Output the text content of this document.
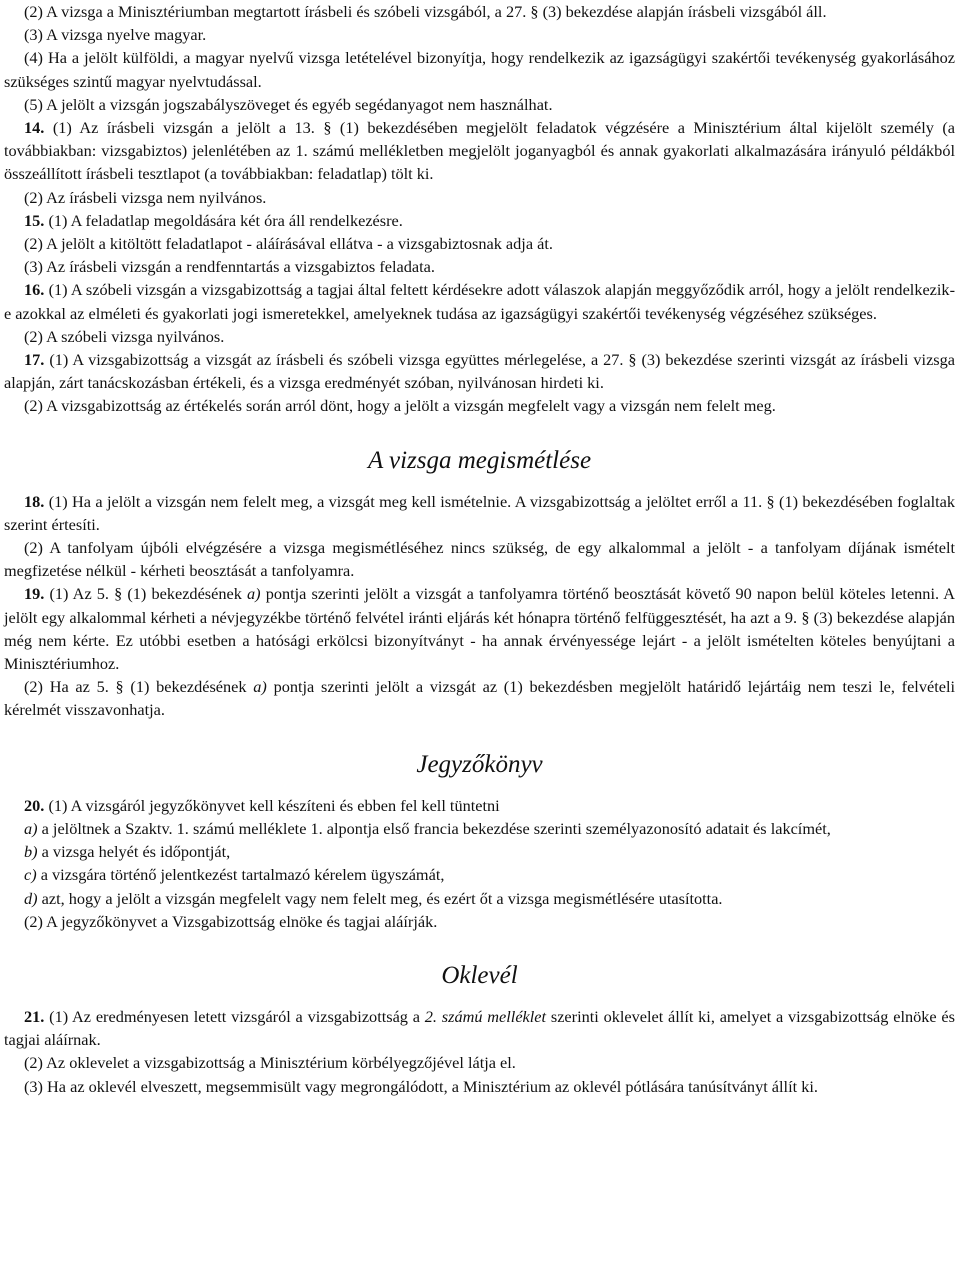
(2) A vizsga a Minisztériumban megtartott írásbeli és szóbeli vizsgából, a 27. § (3) bekezdése alapján írásbeli vizsgából áll.

(3) A vizsga nyelve magyar.

(4) Ha a jelölt külföldi, a magyar nyelvű vizsga letételével bizonyítja, hogy rendelkezik az igazságügyi szakértői tevékenység gyakorlásához szükséges szintű magyar nyelvtudással.

(5) A jelölt a vizsgán jogszabályszöveget és egyéb segédanyagot nem használhat.

14. (1) Az írásbeli vizsgán a jelölt a 13. § (1) bekezdésében megjelölt feladatok végzésére a Minisztérium által kijelölt személy (a továbbiakban: vizsgabiztos) jelenlétében az 1. számú mellékletben megjelölt joganyagból és annak gyakorlati alkalmazására irányuló példákból összeállított írásbeli tesztlapot (a továbbiakban: feladatlap) tölt ki.

(2) Az írásbeli vizsga nem nyilvános.

15. (1) A feladatlap megoldására két óra áll rendelkezésre.

(2) A jelölt a kitöltött feladatlapot - aláírásával ellátva - a vizsgabiztosnak adja át.

(3) Az írásbeli vizsgán a rendfenntartás a vizsgabiztos feladata.

16. (1) A szóbeli vizsgán a vizsgabizottság a tagjai által feltett kérdésekre adott válaszok alapján meggyőződik arról, hogy a jelölt rendelkezik-e azokkal az elméleti és gyakorlati jogi ismeretekkel, amelyeknek tudása az igazságügyi szakértői tevékenység végzéséhez szükséges.

(2) A szóbeli vizsga nyilvános.

17. (1) A vizsgabizottság a vizsgát az írásbeli és szóbeli vizsga együttes mérlegelése, a 27. § (3) bekezdése szerinti vizsgát az írásbeli vizsga alapján, zárt tanácskozásban értékeli, és a vizsga eredményét szóban, nyilvánosan hirdeti ki.

(2) A vizsgabizottság az értékelés során arról dönt, hogy a jelölt a vizsgán megfelelt vagy a vizsgán nem felelt meg.

A vizsga megismétlése

18. (1) Ha a jelölt a vizsgán nem felelt meg, a vizsgát meg kell ismételnie. A vizsgabizottság a jelöltet erről a 11. § (1) bekezdésében foglaltak szerint értesíti.

(2) A tanfolyam újbóli elvégzésére a vizsga megismétléséhez nincs szükség, de egy alkalommal a jelölt - a tanfolyam díjának ismételt megfizetése nélkül - kérheti beosztását a tanfolyamra.

19. (1) Az 5. § (1) bekezdésének a) pontja szerinti jelölt a vizsgát a tanfolyamra történő beosztását követő 90 napon belül köteles letenni. A jelölt egy alkalommal kérheti a névjegyzékbe történő felvétel iránti eljárás két hónapra történő felfüggesztését, ha azt a 9. § (3) bekezdése alapján még nem kérte. Ez utóbbi esetben a hatósági erkölcsi bizonyítványt - ha annak érvényessége lejárt - a jelölt ismételten köteles benyújtani a Minisztériumhoz.

(2) Ha az 5. § (1) bekezdésének a) pontja szerinti jelölt a vizsgát az (1) bekezdésben megjelölt határidő lejártáig nem teszi le, felvételi kérelmét visszavonhatja.

Jegyzőkönyv

20. (1) A vizsgáról jegyzőkönyvet kell készíteni és ebben fel kell tüntetni

a) a jelöltnek a Szaktv. 1. számú melléklete 1. alpontja első francia bekezdése szerinti személyazonosító adatait és lakcímét,

b) a vizsga helyét és időpontját,

c) a vizsgára történő jelentkezést tartalmazó kérelem ügyszámát,

d) azt, hogy a jelölt a vizsgán megfelelt vagy nem felelt meg, és ezért őt a vizsga megismétlésére utasította.

(2) A jegyzőkönyvet a Vizsgabizottság elnöke és tagjai aláírják.

Oklevél

21. (1) Az eredményesen letett vizsgáról a vizsgabizottság a 2. számú melléklet szerinti oklevelet állít ki, amelyet a vizsgabizottság elnöke és tagjai aláírnak.

(2) Az oklevelet a vizsgabizottság a Minisztérium körbélyegzőjével látja el.

(3) Ha az oklevél elveszett, megsemmisült vagy megrongálódott, a Minisztérium az oklevél pótlására tanúsítványt állít ki.
